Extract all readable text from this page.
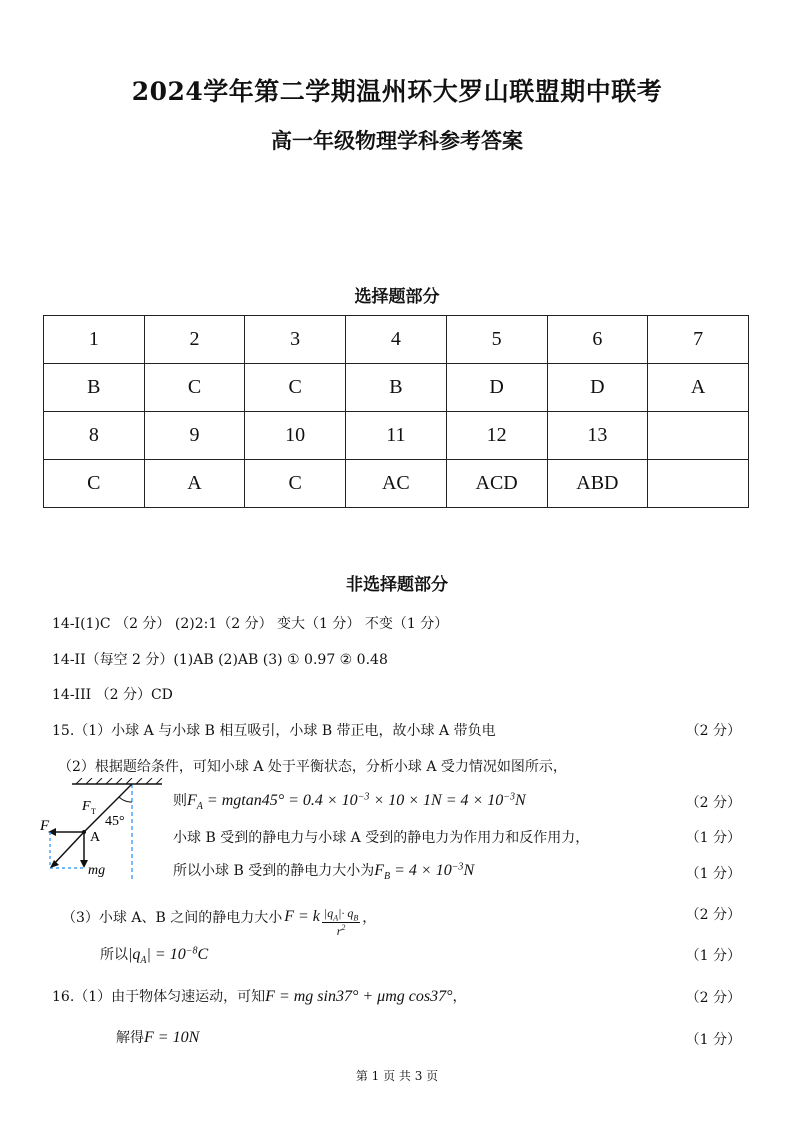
2024学年第二学期温州环大罗山联盟期中联考
高一年级物理学科参考答案
选择题部分
1	2	3	4	5	6	7
B	C	C	B	D	D	A
8	9	10	11	12	13	
C	A	C	AC	ACD	ABD	
非选择题部分
14-I(1)C （2 分） (2)2:1（2 分） 变大（1 分） 不变（1 分）
14-II（每空 2 分）(1)AB (2)AB (3) ① 0.97 ② 0.48
14-III （2 分）CD
15.（1）小球 A 与小球 B 相互吸引，小球 B 带正电，故小球 A 带负电	（2 分）
（2）根据题给条件，可知小球 A 处于平衡状态，分析小球 A 受力情况如图所示，
F T
45°
F
A
mg
则$F_A = mgtan45^\circ = 0.4 \times 10^{-3} \times 10 \times 1N = 4 \times 10^{-3}N$	（2 分）
小球 B 受到的静电力与小球 A 受到的静电力为作用力和反作用力，	（1 分）
所以小球 B 受到的静电力大小为$F_B = 4 \times 10^{-3}N$	（1 分）
（3）小球 A、B 之间的静电力大小 F = k $|q_A|\cdot q_B$
$r^2$
，	（2 分）
所以$|q_A| = 10^{-8}C$	（1 分）
16.（1）由于物体匀速运动，可知F = mg sin37° + μmg cos37°，	（2 分）
解得F = 10N	（1 分）
第 1 页 共 3 页
